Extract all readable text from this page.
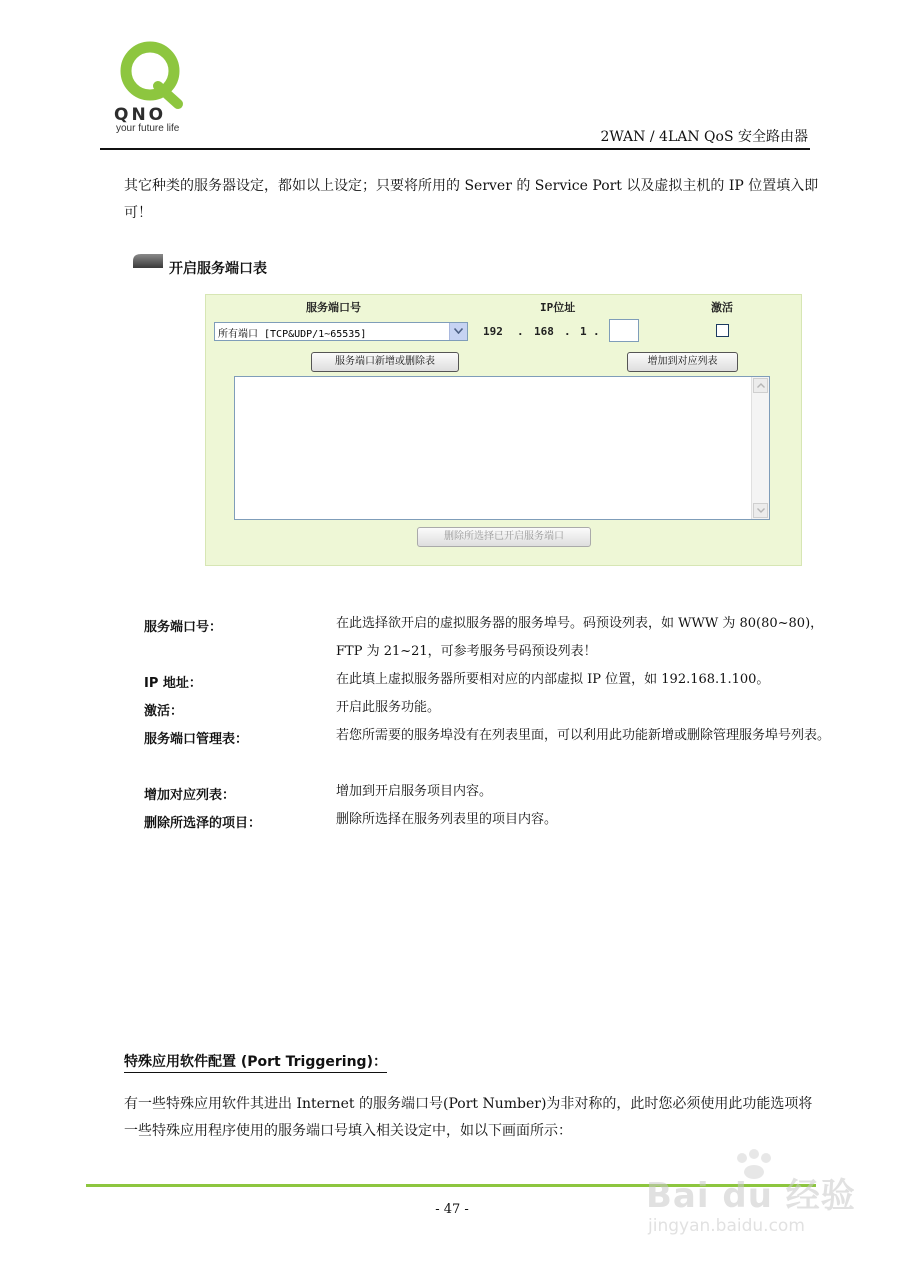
QNO
your future life
2WAN / 4LAN QoS 安全路由器
其它种类的服务器设定，都如以上设定；只要将所用的 Server 的 Service Port 以及虚拟主机的 IP 位置填入即可！
开启服务端口表
服务端口号	IP位址	激活
所有端口 [TCP&UDP/1~65535]	192 . 168 . 1 .
服务端口新增或删除表	增加到对应列表
删除所选择已开启服务端口
服务端口号：	在此选择欲开启的虚拟服务器的服务埠号。码预设列表，如 WWW 为 80(80~80)， FTP 为 21~21，可参考服务号码预设列表！
IP 地址：	在此填上虚拟服务器所要相对应的内部虚拟 IP 位置，如 192.168.1.100。
激活：	开启此服务功能。
服务端口管理表：	若您所需要的服务埠没有在列表里面，可以利用此功能新增或删除管理服务埠号列表。
增加对应列表：	增加到开启服务项目内容。
删除所选泽的项目：	删除所选择在服务列表里的项目内容。
特殊应用软件配置 (Port Triggering)：
有一些特殊应用软件其进出 Internet 的服务端口号(Port Number)为非对称的，此时您必须使用此功能选项将一些特殊应用程序使用的服务端口号填入相关设定中，如以下画面所示：
- 47 -	Bai du 经验
jingyan.baidu.com
